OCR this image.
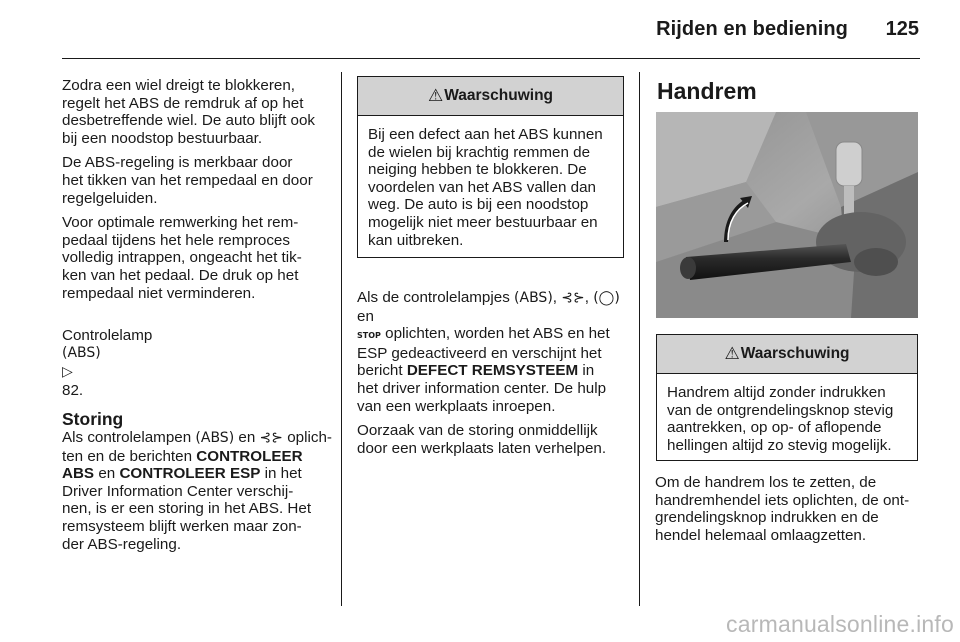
Rijden en bediening 125

Zodra een wiel dreigt te blokkeren,
regelt het ABS de remdruk af op het
desbetreffende wiel. De auto blijft ook
bij een noodstop bestuurbaar.

De ABS-regeling is merkbaar door
het tikken van het rempedaal en door
regelgeluiden.

Voor optimale remwerking het rem-
pedaal tijdens het hele remproces
volledig intrappen, ongeacht het tik-
ken van het pedaal. De druk op het
rempedaal niet verminderen.

Controlelamp
(ABS)
▷
82.

Storing

Als controlelampen (ABS) en ⊰⊱ oplich-
ten en de berichten CONTROLEER
ABS en CONTROLEER ESP in het
Driver Information Center verschij-
nen, is er een storing in het ABS. Het
remsysteem blijft werken maar zon-
der ABS-regeling.

⚠ Waarschuwing
Bij een defect aan het ABS kunnen
de wielen bij krachtig remmen de
neiging hebben te blokkeren. De
voordelen van het ABS vallen dan
weg. De auto is bij een noodstop
mogelijk niet meer bestuurbaar en
kan uitbreken.

Als de controlelampjes (ABS), ⊰⊱, (◯) en
STOP oplichten, worden het ABS en het
ESP gedeactiveerd en verschijnt het
bericht DEFECT REMSYSTEEM in
het driver information center. De hulp
van een werkplaats inroepen.

Oorzaak van de storing onmiddellijk
door een werkplaats laten verhelpen.

Handrem
⚠ Waarschuwing
Handrem altijd zonder indrukken
van de ontgrendelingsknop stevig
aantrekken, op op- of aflopende
hellingen altijd zo stevig mogelijk.

Om de handrem los te zetten, de
handremhendel iets oplichten, de ont-
grendelingsknop indrukken en de
hendel helemaal omlaagzetten.

carmanualsonline.info
